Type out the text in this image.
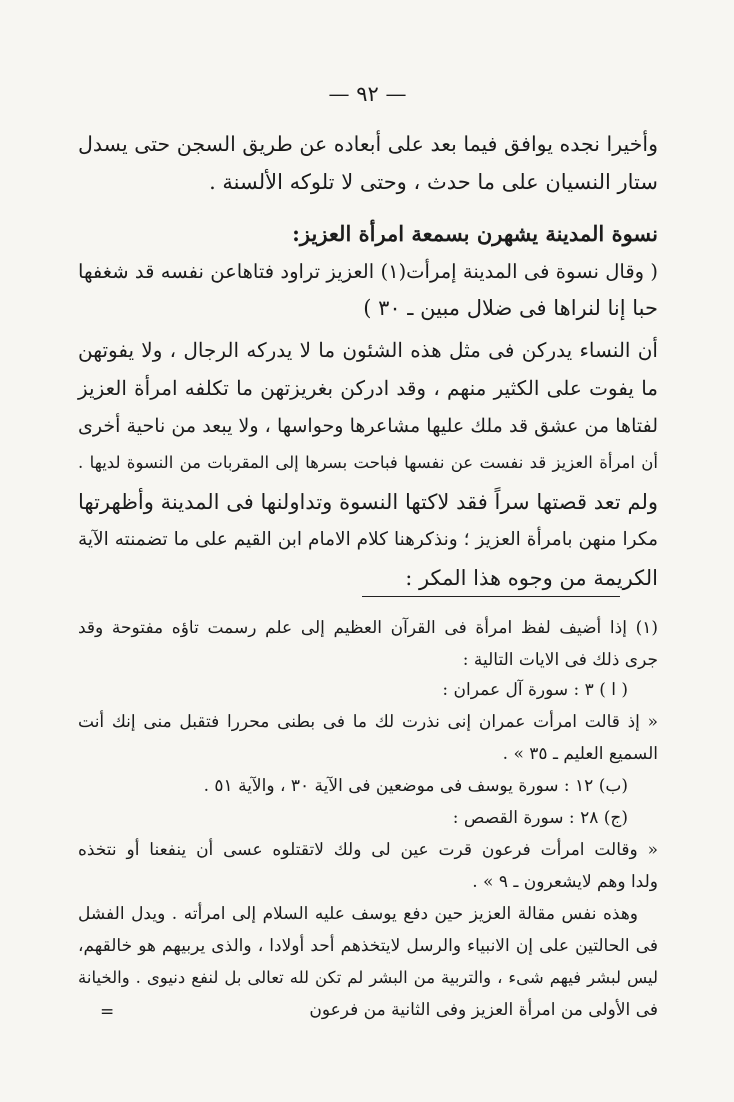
— ٩٢ —
وأخيرا نجده يوافق فيما بعد على أبعاده عن طريق السجن حتى يسدل
ستار النسيان على ما حدث ، وحتى لا تلوكه الألسنة .
نسوة المدينة يشهرن بسمعة امرأة العزيز:
( وقال نسوة فى المدينة إمرأت(١) العزيز تراود فتاهاعن نفسه قد شغفها
حبا إنا لنراها فى ضلال مبين ـ ٣٠ )
أن النساء يدركن فى مثل هذه الشئون ما لا يدركه الرجال ، ولا يفوتهن
ما يفوت على الكثير منهم ، وقد ادركن بغريزتهن ما تكلفه امرأة العزيز
لفتاها من عشق قد ملك عليها مشاعرها وحواسها ، ولا يبعد من ناحية أخرى
أن امرأة العزيز قد نفست عن نفسها فباحت بسرها إلى المقربات من النسوة لديها .
ولم تعد قصتها سراً فقد لاكتها النسوة وتداولنها فى المدينة وأظهرتها
مكرا منهن بامرأة العزيز ؛ ونذكرهنا كلام الامام ابن القيم على ما تضمنته الآية
الكريمة من وجوه هذا المكر :
(١) إذا أضيف لفظ امرأة فى القرآن العظيم إلى علم رسمت تاؤه مفتوحة وقد
جرى ذلك فى الايات التالية :
( ا ) ٣ : سورة آل عمران :
« إذ قالت امرأت عمران إنى نذرت لك ما فى بطنى محررا فتقبل منى إنك أنت
السميع العليم ـ ٣٥ » .
(ب) ١٢ : سورة يوسف فى موضعين فى الآية ٣٠ ، والآية ٥١ .
(ج) ٢٨ : سورة القصص :
« وقالت امرأت فرعون قرت عين لى ولك لاتقتلوه عسى أن ينفعنا أو نتخذه
ولدا وهم لايشعرون ـ ٩ » .
وهذه نفس مقالة العزيز حين دفع يوسف عليه السلام إلى امرأته . ويدل الفشل
فى الحالتين على إن الانبياء والرسل لايتخذهم أحد أولادا ، والذى يربيهم هو خالقهم،
ليس لبشر فيهم شىء ، والتربية من البشر لم تكن لله تعالى بل لنفع دنيوى . والخيانة
فى الأولى من امرأة العزيز وفى الثانية من فرعون
=
